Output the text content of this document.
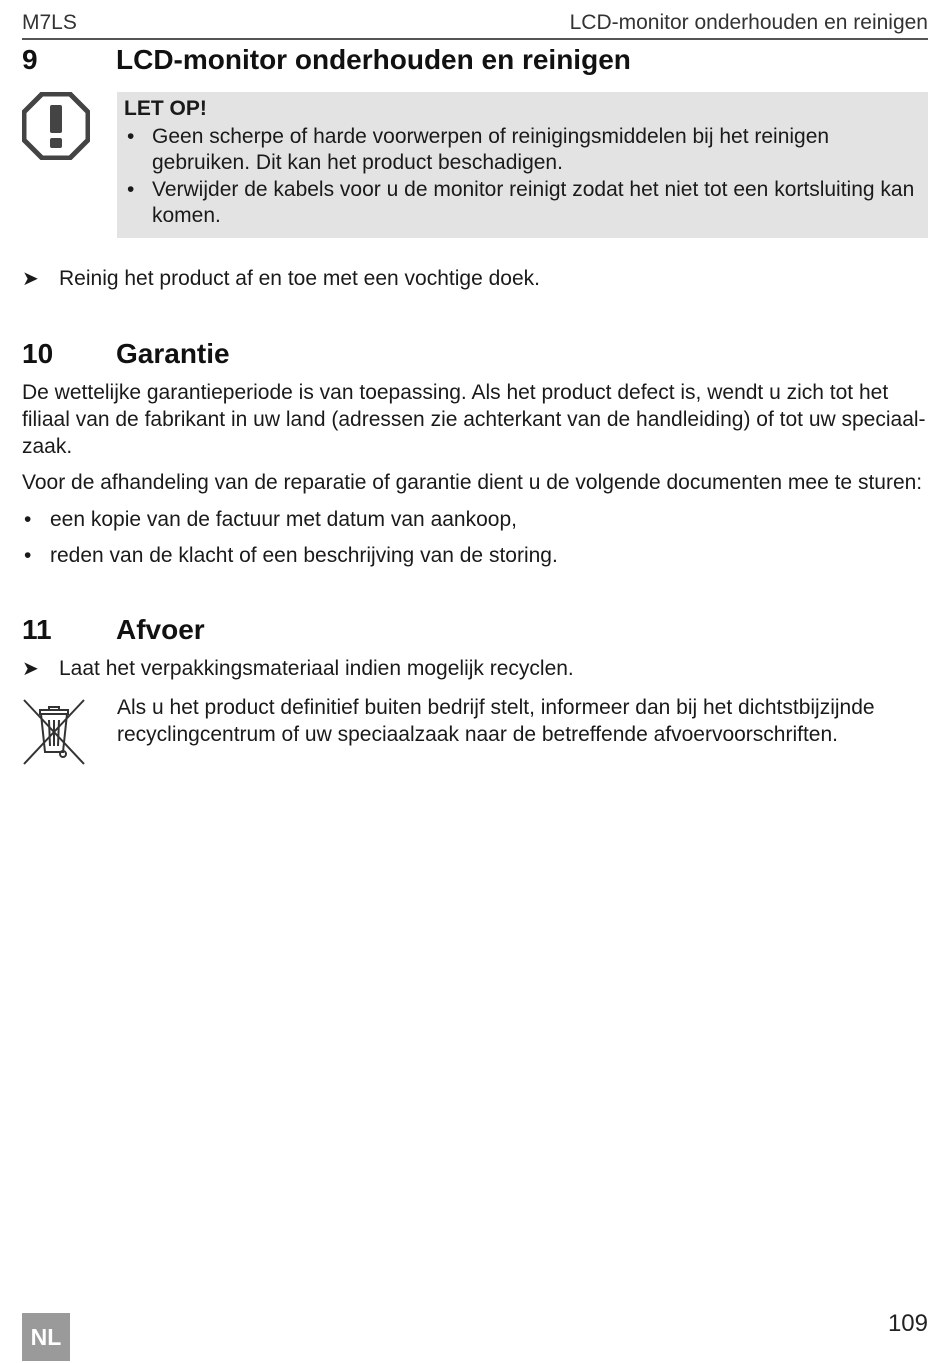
M7LS	LCD-monitor onderhouden en reinigen
9	LCD-monitor onderhouden en reinigen
LET OP!
• Geen scherpe of harde voorwerpen of reinigingsmiddelen bij het reinigen gebruiken. Dit kan het product beschadigen.
• Verwijder de kabels voor u de monitor reinigt zodat het niet tot een kortsluiting kan komen.
➤ Reinig het product af en toe met een vochtige doek.
10	Garantie

De wettelijke garantieperiode is van toepassing. Als het product defect is, wendt u zich tot het filiaal van de fabrikant in uw land (adressen zie achterkant van de handleiding) of tot uw speciaal-zaak.

Voor de afhandeling van de reparatie of garantie dient u de volgende documenten mee te sturen:

• een kopie van de factuur met datum van aankoop,
• reden van de klacht of een beschrijving van de storing.
11	Afvoer
➤ Laat het verpakkingsmateriaal indien mogelijk recyclen.

Als u het product definitief buiten bedrijf stelt, informeer dan bij het dichtstbijzijnde recyclingcentrum of uw speciaalzaak naar de betreffende afvoervoorschriften.

NL	109
